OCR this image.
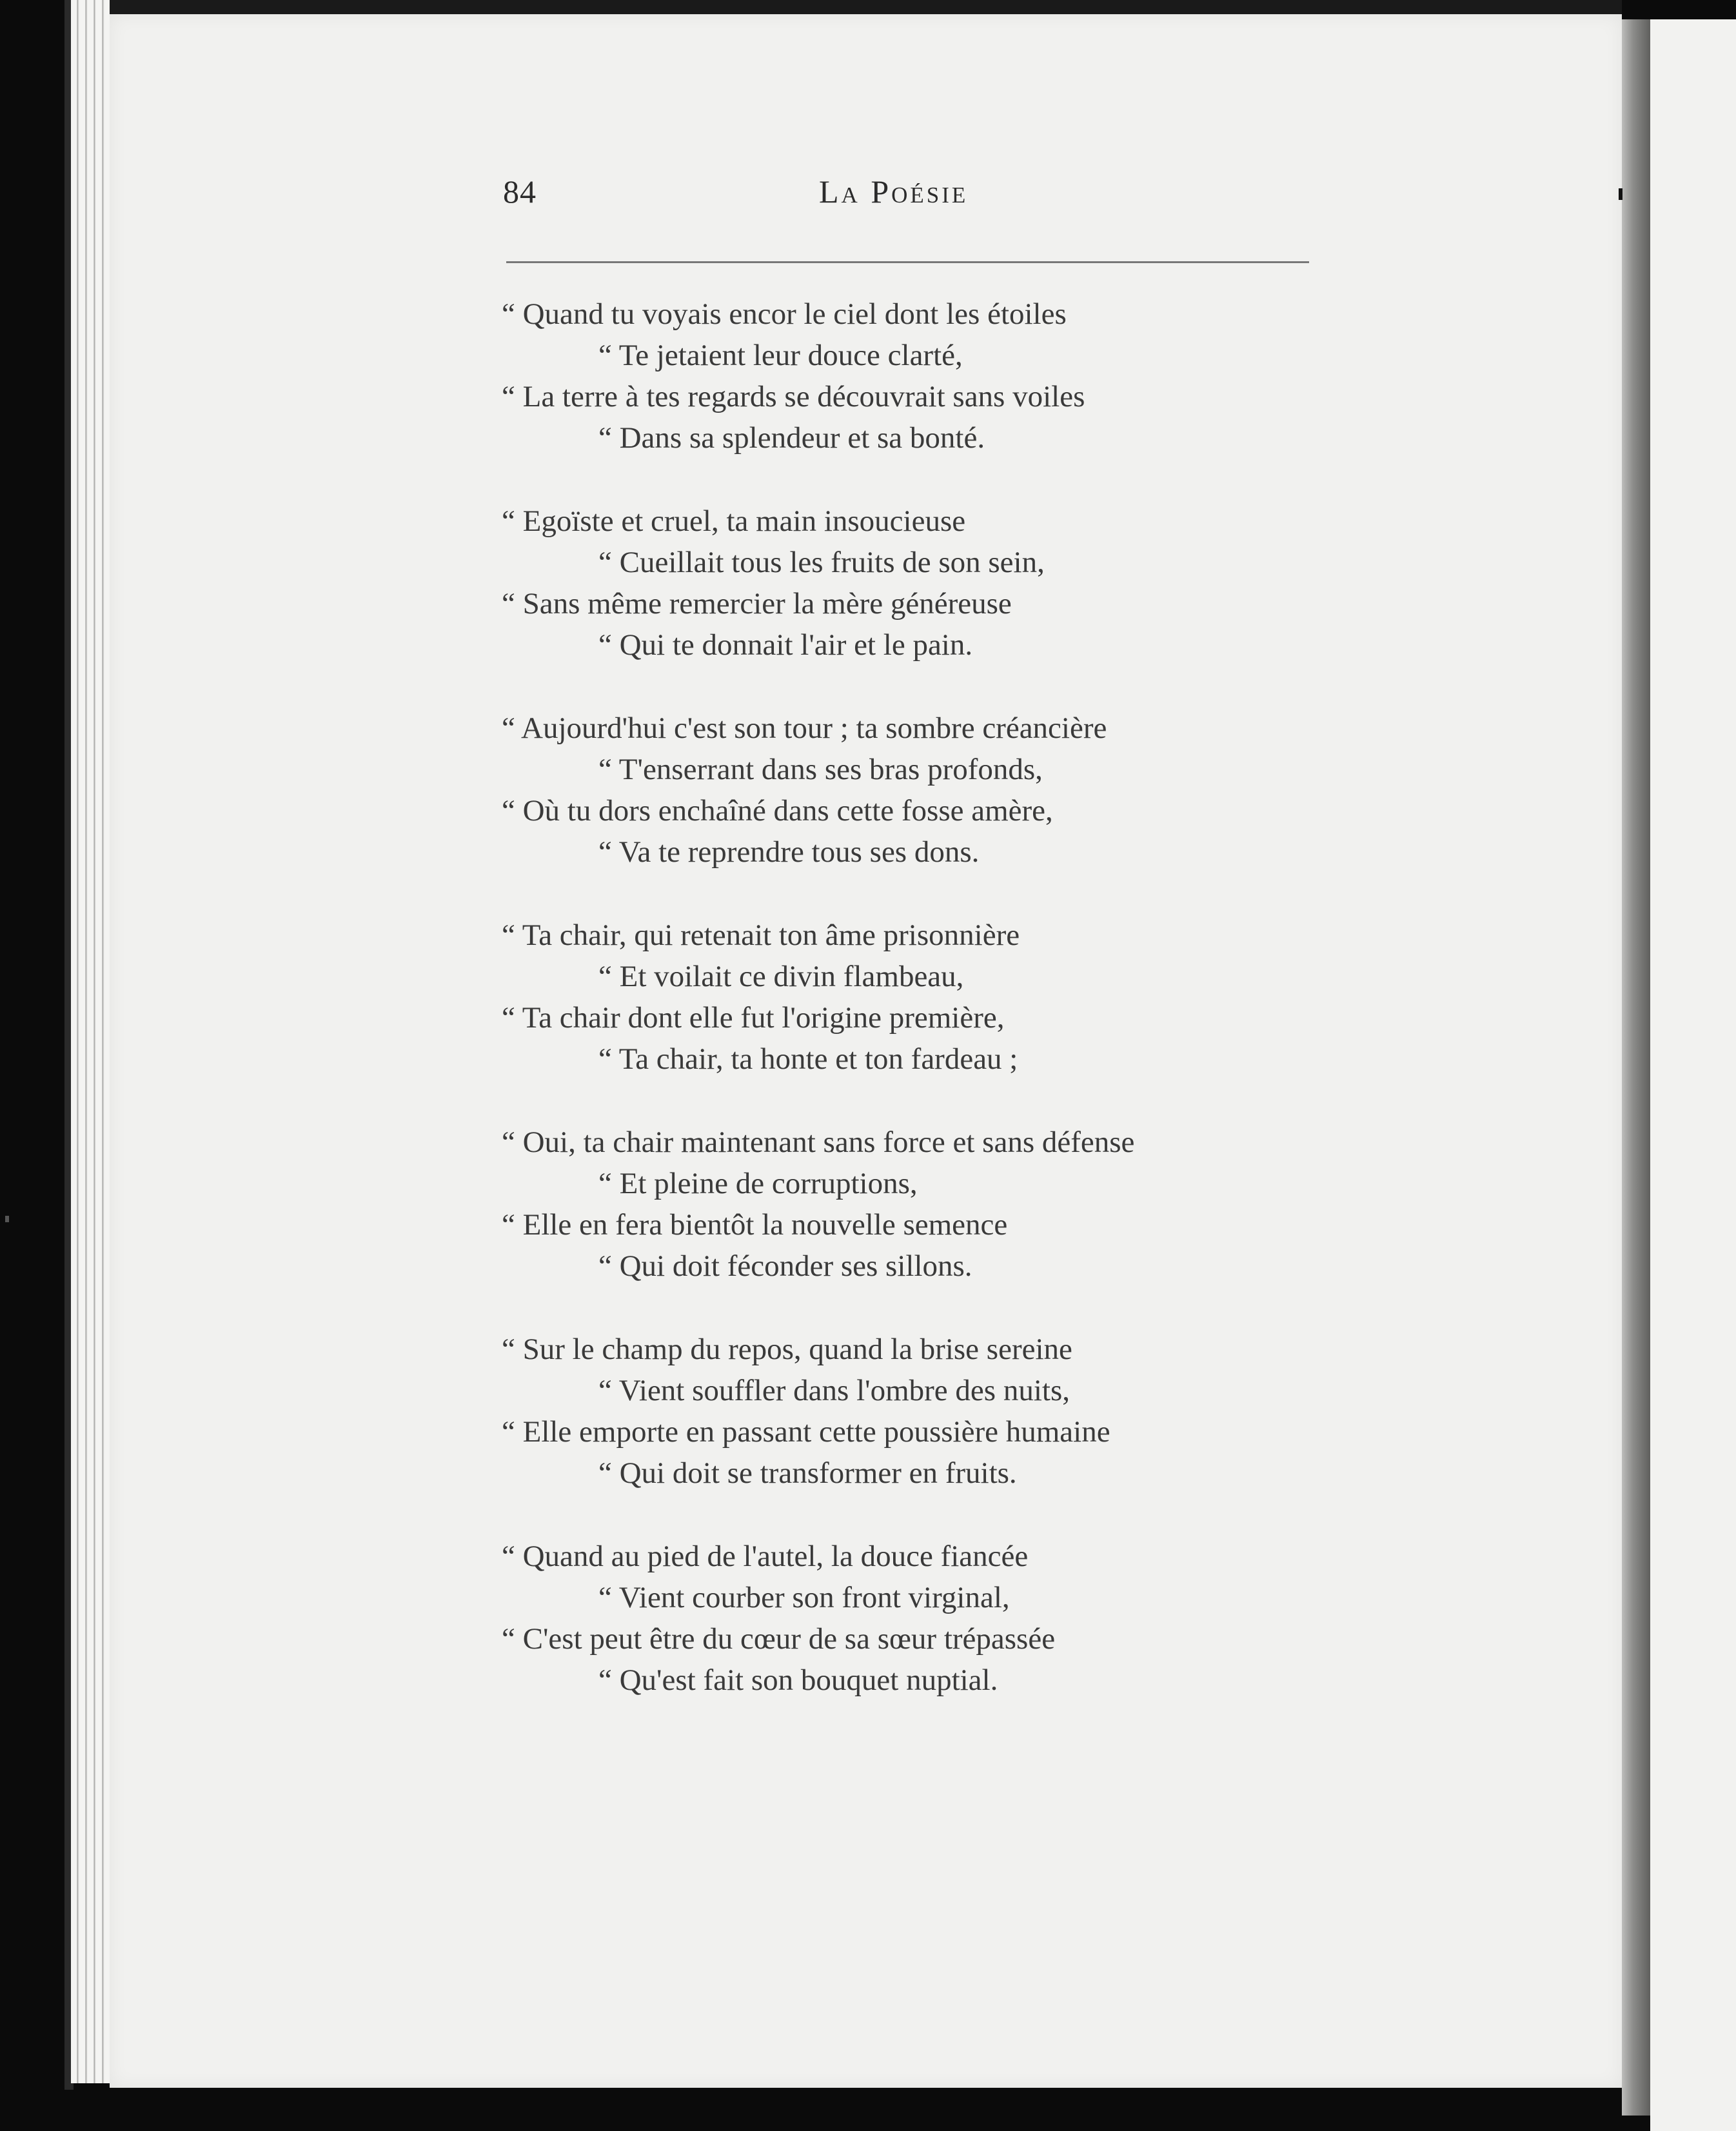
84	La Poésie
“ Quand tu voyais encor le ciel dont les étoiles
“ Te jetaient leur douce clarté,
“ La terre à tes regards se découvrait sans voiles
“ Dans sa splendeur et sa bonté.
“ Egoïste et cruel, ta main insoucieuse
“ Cueillait tous les fruits de son sein,
“ Sans même remercier la mère généreuse
“ Qui te donnait l'air et le pain.
“ Aujourd'hui c'est son tour ; ta sombre créancière
“ T'enserrant dans ses bras profonds,
“ Où tu dors enchaîné dans cette fosse amère,
“ Va te reprendre tous ses dons.
“ Ta chair, qui retenait ton âme prisonnière
“ Et voilait ce divin flambeau,
“ Ta chair dont elle fut l'origine première,
“ Ta chair, ta honte et ton fardeau ;
“ Oui, ta chair maintenant sans force et sans défense
“ Et pleine de corruptions,
“ Elle en fera bientôt la nouvelle semence
“ Qui doit féconder ses sillons.
“ Sur le champ du repos, quand la brise sereine
“ Vient souffler dans l'ombre des nuits,
“ Elle emporte en passant cette poussière humaine
“ Qui doit se transformer en fruits.
“ Quand au pied de l'autel, la douce fiancée
“ Vient courber son front virginal,
“ C'est peut être du cœur de sa sœur trépassée
“ Qu'est fait son bouquet nuptial.
